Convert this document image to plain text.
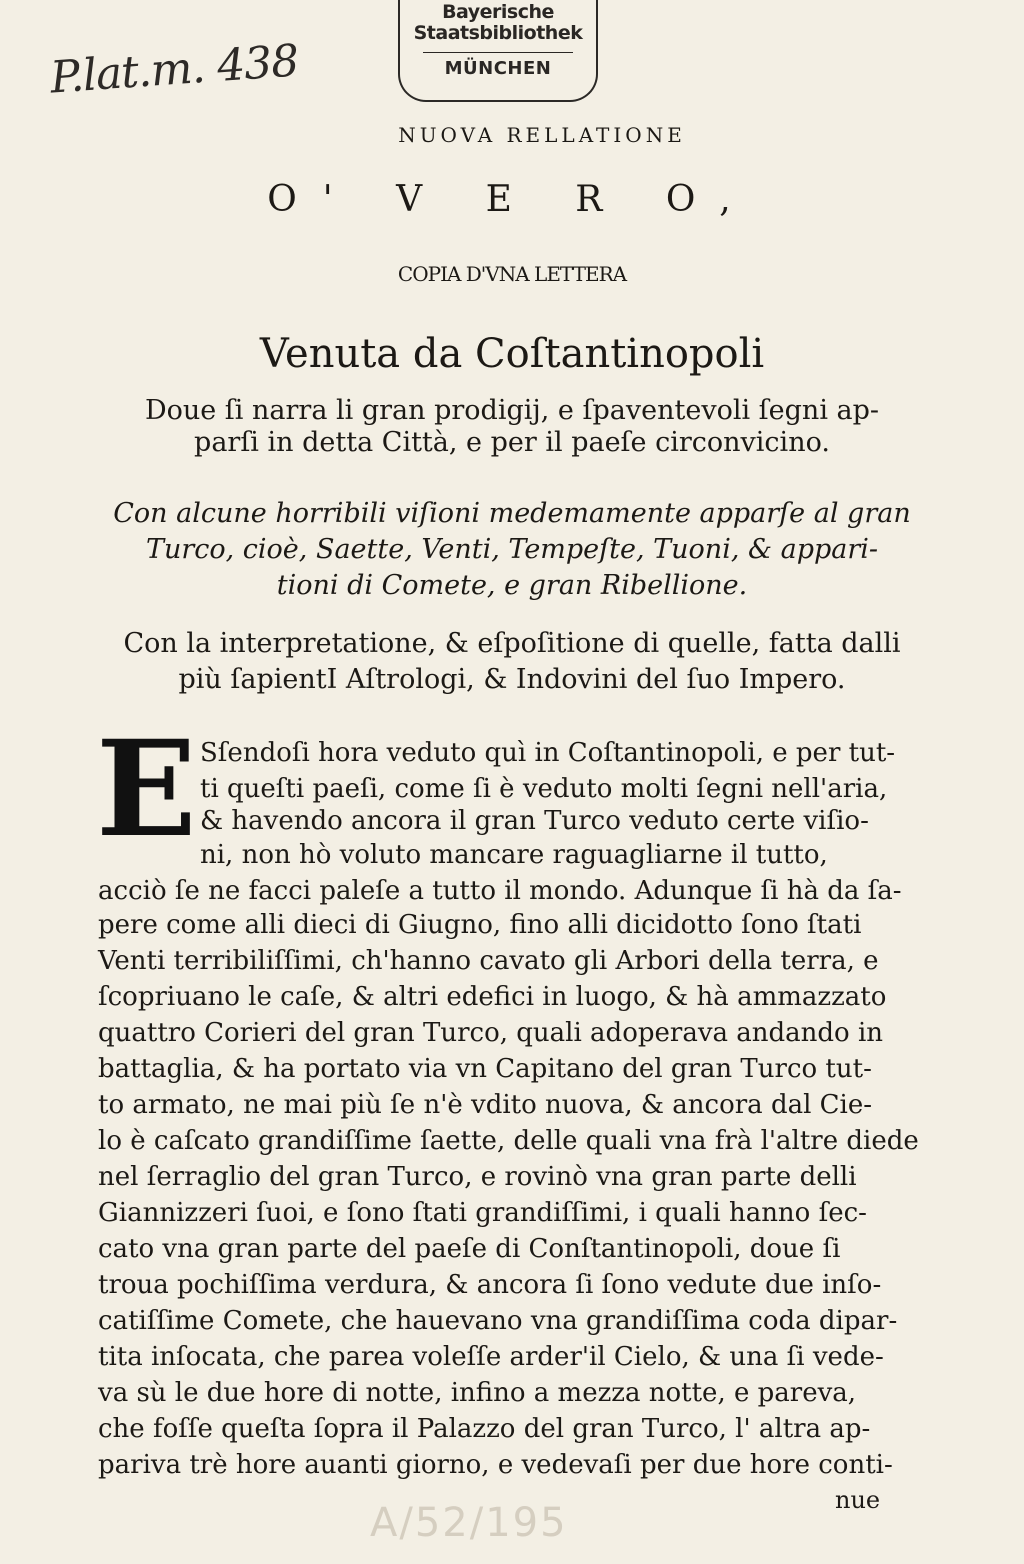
Bayerische
Staatsbibliothek
MÜNCHEN
P.lat.m. 438
NUOVA RELLATIONE
O' V E R O,
COPIA D'VNA LETTERA
Venuta da Coſtantinopoli
Doue ſi narra li gran prodigij, e ſpaventevoli ſegni ap-
parſi in detta Città, e per il paeſe circonvicino.
Con alcune horribili viſioni medemamente apparſe al gran
Turco, cioè, Saette, Venti, Tempeſte, Tuoni, & appari-
tioni di Comete, e gran Ribellione.
Con la interpretatione, & eſpoſitione di quelle, fatta dalli
più ſapientI Aſtrologi, & Indovini del ſuo Impero.
E Sſendoſi hora veduto quì in Coſtantinopoli, e per tut-
ti queſti paeſi, come ſi è veduto molti ſegni nell'aria,
& havendo ancora il gran Turco veduto certe viſio-
ni, non hò voluto mancare raguagliarne il tutto,
acciò ſe ne facci paleſe a tutto il mondo. Adunque ſi hà da ſa-
pere come alli dieci di Giugno, fino alli dicidotto ſono ſtati
Venti terribiliſſimi, ch'hanno cavato gli Arbori della terra, e
ſcopriuano le caſe, & altri edefici in luogo, & hà ammazzato
quattro Corieri del gran Turco, quali adoperava andando in
battaglia, & ha portato via vn Capitano del gran Turco tut-
to armato, ne mai più ſe n'è vdito nuova, & ancora dal Cie-
lo è caſcato grandiſſime ſaette, delle quali vna frà l'altre diede
nel ſerraglio del gran Turco, e rovinò vna gran parte delli
Giannizzeri ſuoi, e ſono ſtati grandiſſimi, i quali hanno ſec-
cato vna gran parte del paeſe di Conſtantinopoli, doue ſi
troua pochiſſima verdura, & ancora ſi ſono vedute due inſo-
catiſſime Comete, che hauevano vna grandiſſima coda dipar-
tita inſocata, che parea voleſſe arder'il Cielo, & una ſi vede-
va sù le due hore di notte, infino a mezza notte, e pareva,
che foſſe queſta ſopra il Palazzo del gran Turco, l' altra ap-
pariva trè hore auanti giorno, e vedevaſi per due hore conti-
A/52/195	nue
